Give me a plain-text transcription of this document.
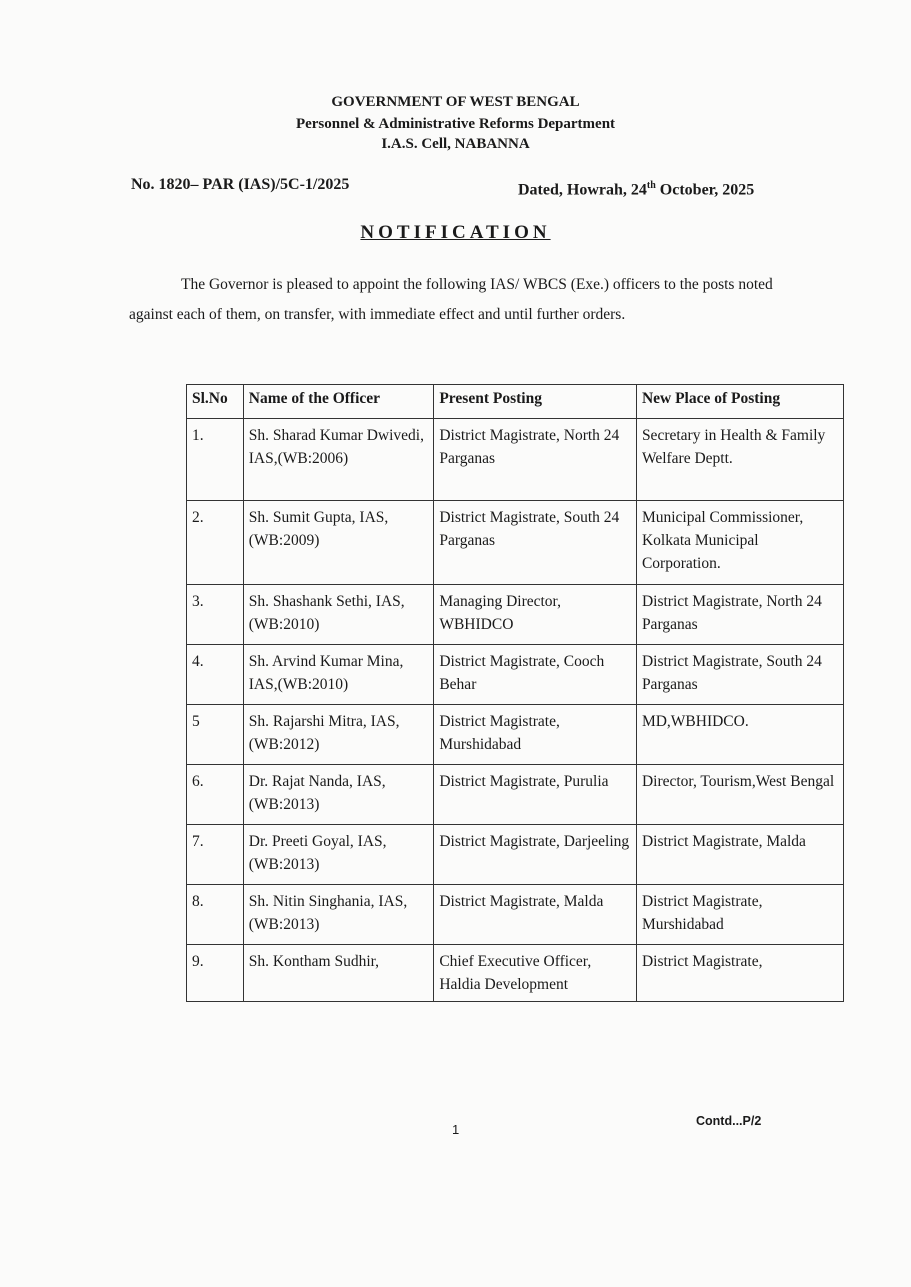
GOVERNMENT OF WEST BENGAL
Personnel & Administrative Reforms Department
I.A.S. Cell, NABANNA
No. 1820– PAR (IAS)/5C-1/2025	Dated, Howrah, 24th October, 2025
NOTIFICATION
The Governor is pleased to appoint the following IAS/ WBCS (Exe.) officers to the posts noted against each of them, on transfer, with immediate effect and until further orders.
Sl.No	Name of the Officer	Present Posting	New Place of Posting
1.	Sh. Sharad Kumar Dwivedi, IAS,(WB:2006)	District Magistrate, North 24 Parganas	Secretary in Health & Family Welfare Deptt.
2.	Sh. Sumit Gupta, IAS,(WB:2009)	District Magistrate, South 24 Parganas	Municipal Commissioner, Kolkata Municipal Corporation.
3.	Sh. Shashank Sethi, IAS,(WB:2010)	Managing Director, WBHIDCO	District Magistrate, North 24 Parganas
4.	Sh. Arvind Kumar Mina, IAS,(WB:2010)	District Magistrate, Cooch Behar	District Magistrate, South 24 Parganas
5	Sh. Rajarshi Mitra, IAS,(WB:2012)	District Magistrate, Murshidabad	MD,WBHIDCO.
6.	Dr. Rajat Nanda, IAS,(WB:2013)	District Magistrate, Purulia	Director, Tourism,West Bengal
7.	Dr. Preeti Goyal, IAS,(WB:2013)	District Magistrate, Darjeeling	District Magistrate, Malda
8.	Sh. Nitin Singhania, IAS,(WB:2013)	District Magistrate, Malda	District Magistrate, Murshidabad
9.	Sh. Kontham Sudhir,	Chief Executive Officer, Haldia Development	District Magistrate,
1
Contd...P/2
